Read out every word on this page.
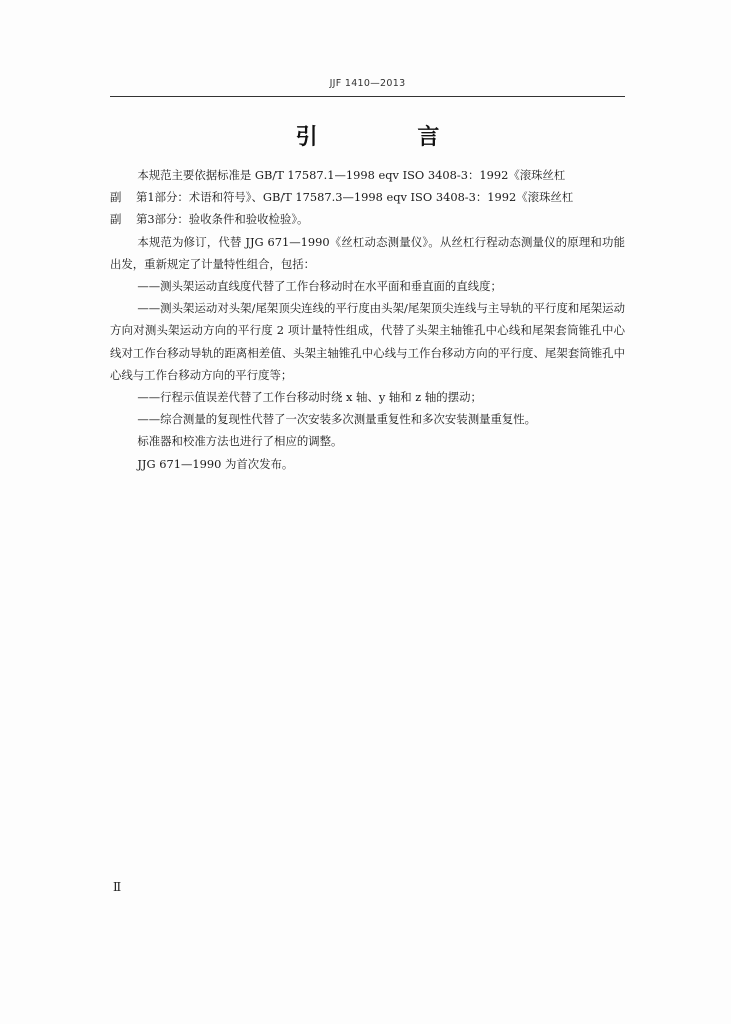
JJF 1410—2013
引 言

本规范主要依据标准是 GB/T 17587.1—1998 eqv ISO 3408-3：1992《滚珠丝杠

副	第1部分：术语和符号》、GB/T 17587.3—1998 eqv ISO 3408-3：1992《滚珠丝杠
副	第3部分：验收条件和验收检验》。

本规范为修订，代替 JJG 671—1990《丝杠动态测量仪》。从丝杠行程动态测量仪的原理和功能出发，重新规定了计量特性组合，包括：

——测头架运动直线度代替了工作台移动时在水平面和垂直面的直线度；

——测头架运动对头架/尾架顶尖连线的平行度由头架/尾架顶尖连线与主导轨的平行度和尾架运动方向对测头架运动方向的平行度 2 项计量特性组成，代替了头架主轴锥孔中心线和尾架套筒锥孔中心线对工作台移动导轨的距离相差值、头架主轴锥孔中心线与工作台移动方向的平行度、尾架套筒锥孔中心线与工作台移动方向的平行度等；

——行程示值误差代替了工作台移动时绕 x 轴、y 轴和 z 轴的摆动；

——综合测量的复现性代替了一次安装多次测量重复性和多次安装测量重复性。

标准器和校准方法也进行了相应的调整。

JJG 671—1990 为首次发布。

Ⅱ
